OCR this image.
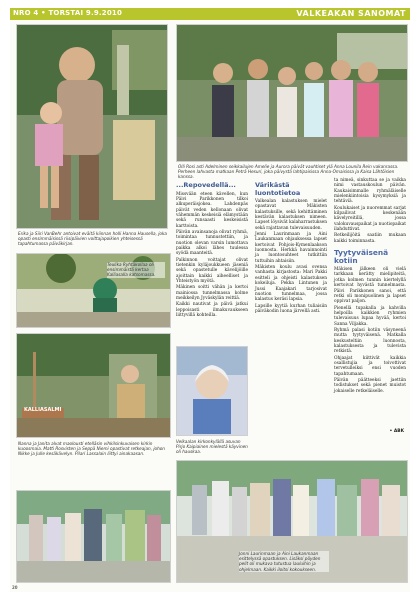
NRO 4 • TORSTAI 9.9.2010	VALKEAKAN SANOMAT
Erika ja Siiri VanBehr antoivat eväitä kiinnan holli Hanna Hausella, joka opasti ensimmäisissä riisipäivien voittajapoikien yhteisessä tapahtumassa päiväkirjan.
Olli Rosi asti Adelminen seikkailujen Amelie ja Aurora päivät vauhtiset ylä Anna Lounila Rein vakanrassa. Perheen lahvasta matkaan Peträ Hesuri, joka päivystä lahtipaisissa Anna-Omaisissa ja Kaisa Lähtöisien kanssa.
Teulika Ryhtäkollaa oli ensimmäistä kertaa Kalliasalla katsomassa.
Velkaalan kirkonkylällä asuvan Pirjo Kaipiainen mielestä käyvinen oli hauskaa.
KALLIASALMI
Nanna ja Janita alvat maolousti etelläsin vihkilsinkuvaisen kirkin kuoosmaia. Matti Rosvisten ja Seppä Niemi opastivat retkeajan, johon Nikke ja Julle kesäkävelyn. Pilari Lassalain liittyi ainakaasan.
Jonni Laurinmaan ja Aini Laukanmaan esittelyssä opastuksen. Lisäksi pöyden pelit oli mukava tutustua lauluihin ja ohjelmaan. Kaikki iloitsi kokoukseen.
...Repovedellä...

Missvään eteen kävellen, kun Päivi Parikkonen tilkoi alkuperäisjokea. Lahdenpäs päivät veden kellonaan olivat vähemmän keskeisiä elämystään sekä runsaasti keskeisistä karttoista.

Päivän avainsanoja olivat ryhmä, toimintaa tunnustettiin, ja nuotion olevan varsin lumottava paikka alkoi lähes tuulessa syödä maanteitä.

Palkinnon voittajat olivat tietenkin kyläjoukkueen jäseniä sekä opastetulle kävelijöille ajoittain kaikki aiheelliset ja Yhteistyön myötä.

Mäkinen soitti vähän ja kertoi mainiossa tunnelmassa kolme meikkeilyn Jyväskylän reittiä.

Kaikki nautivat ja päivä jatkui leppoisasti ilmakuvaukseen liittyvillä kohteilla.

Värikästä luontotietoa

Valkealan kalastuksen mielet opastavat Mäkisten kalastuksille, sekä kehittäminen kestävän kalastuksen nimeen. Lapset löysivät kalaharrastuksen sekä rajattavan tulevaisuuden.

Jenni Laurinmaan ja Aini Laukanmaan ohjauksessa lapset kertoivat Pohjois-Kymenlaakson luonnosta. Herkkä havainnointi ja luontosuhteet tutkittiin tuttuihin ahtaisiin.

Mäkisten koulu avasi ovensa vanhasta kirjastosta: Mari Pakki esitteli ja ohjeisti kalastuksen kokeiluja. Pekka Lintunen ja Jussi Kaajakari tarjosivat nuotion tunnelmaa, jossa kalastus keräsi lapsia.

Lapsille kyytiä kurhan tuliaisiin päiväkodin luona järvellä asti.

ta nimeä, sinkuttaa se ja vaikka nimi vastauskoulun päivän. Kaukaisimmalle ryhmäläiselle mielenkiintoisia kysymyksiä ja tehtäviä.

Koulukaiset ja nuoremmat sarjat kilpailivat keskenään kävelyreitillä, jossa valokuvauspaikat ja nuotiopaikat ilahduttivat.

Retkeilijöitä saatiin mukaan kaikki toiminnasta.

Tyytyväisenä kotiin

Mäkisen jälkeen oli vielä tarkkaan kerätty mielipiteitä, jotka kolmen tunnin kiertelyllä kertoivat hyvästä tunnelmasta. Päivi Parikkonen sanoi, että retki oli monipuolinen ja lapset oppivat paljon.

Pienellä tupakalla ja kahvilla helpoilla kaikkien ryhmien tulevaisuus lupaa hyvää, kertoi Sanna Viljakka.

Ryhmä palasi kotiin väsyneenä mutta tyytyväisenä. Matkalla keskusteltiin luonnosta, kalastuksesta ja tulevista retkistä.

Ohjaajat kiittivät kaikkia osallistujia ja toivottivat tervetulleiksi ensi vuoden tapahtumaan.

Päivän päätteeksi jaettiin todistukset sekä pienet muistot jokaiselle retkeläiselle.

• ABK
20
